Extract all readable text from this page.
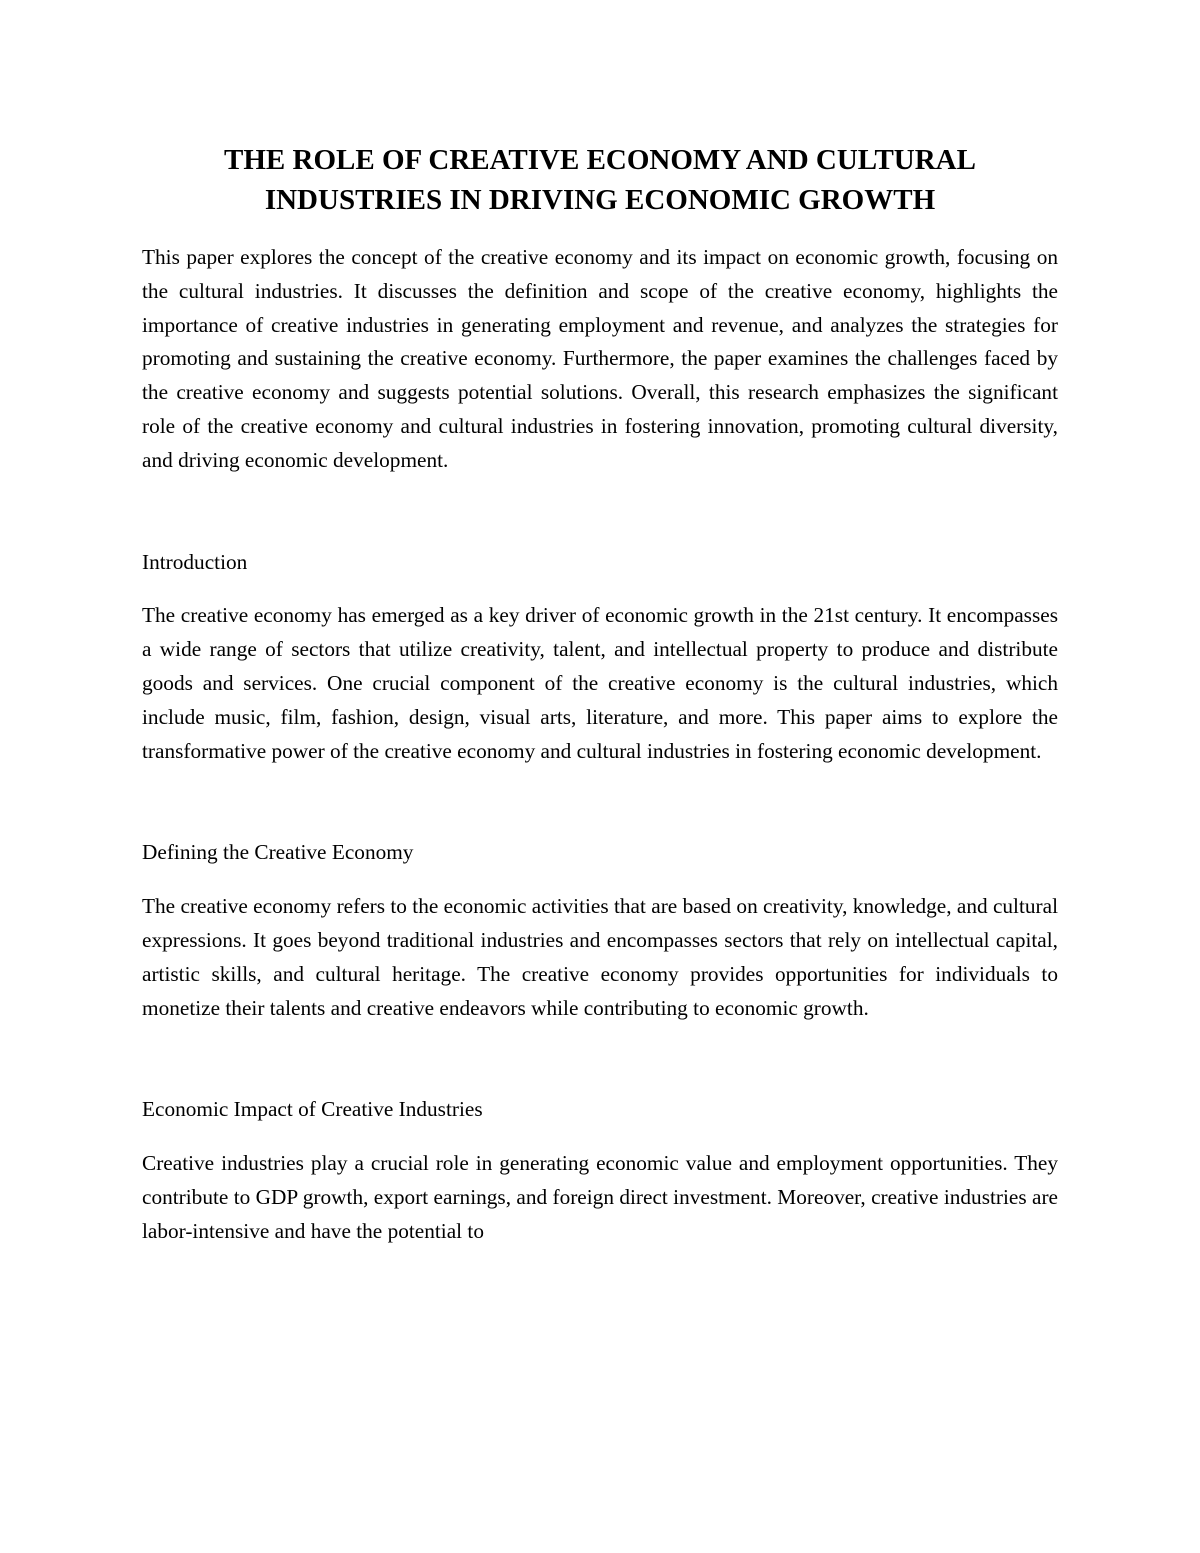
THE ROLE OF CREATIVE ECONOMY AND CULTURAL
INDUSTRIES IN DRIVING ECONOMIC GROWTH

This paper explores the concept of the creative economy and its impact on economic growth, focusing on the cultural industries. It discusses the definition and scope of the creative economy, highlights the importance of creative industries in generating employment and revenue, and analyzes the strategies for promoting and sustaining the creative economy. Furthermore, the paper examines the challenges faced by the creative economy and suggests potential solutions. Overall, this research emphasizes the significant role of the creative economy and cultural industries in fostering innovation, promoting cultural diversity, and driving economic development.

Introduction

The creative economy has emerged as a key driver of economic growth in the 21st century. It encompasses a wide range of sectors that utilize creativity, talent, and intellectual property to produce and distribute goods and services. One crucial component of the creative economy is the cultural industries, which include music, film, fashion, design, visual arts, literature, and more. This paper aims to explore the transformative power of the creative economy and cultural industries in fostering economic development.

Defining the Creative Economy

The creative economy refers to the economic activities that are based on creativity, knowledge, and cultural expressions. It goes beyond traditional industries and encompasses sectors that rely on intellectual capital, artistic skills, and cultural heritage. The creative economy provides opportunities for individuals to monetize their talents and creative endeavors while contributing to economic growth.

Economic Impact of Creative Industries

Creative industries play a crucial role in generating economic value and employment opportunities. They contribute to GDP growth, export earnings, and foreign direct investment. Moreover, creative industries are labor-intensive and have the potential to
